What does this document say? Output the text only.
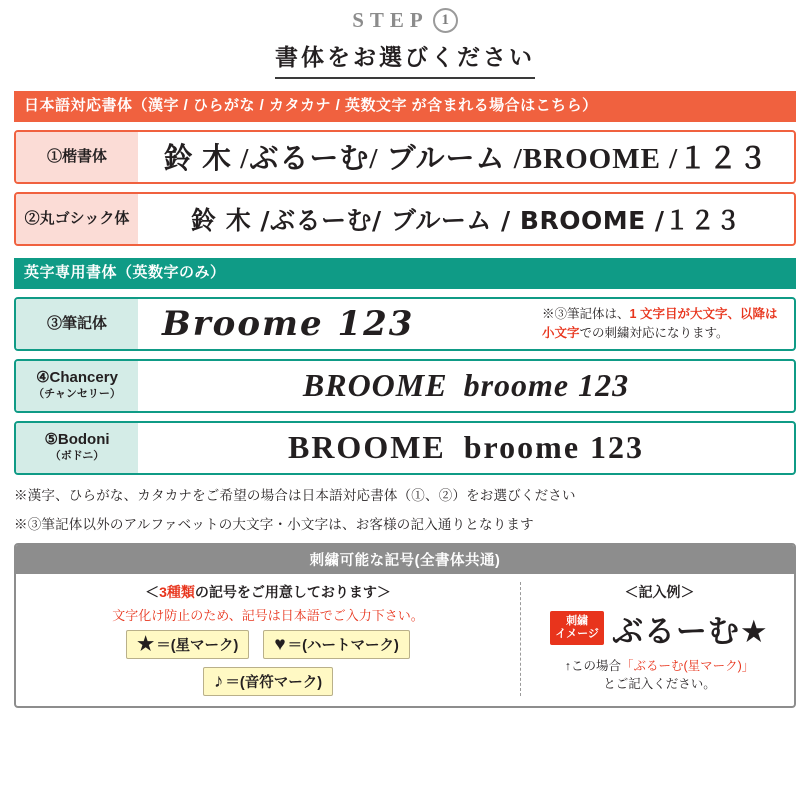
STEP 1
書体をお選びください
日本語対応書体（漢字 / ひらがな / カタカナ / 英数文字 が含まれる場合はこちら）
①楷書体 鈴 木 /ぶるーむ/ ブルーム /BROOME /１２３
②丸ゴシック体 鈴 木 /ぶるーむ/ ブルーム / BROOME /１２３
英字専用書体（英数字のみ）
③筆記体 Broome 123	※③筆記体は、1 文字目が大文字、以降は小文字での刺繍対応になります。
④Chancery
（チャンセリー）	BROOME broome 123
⑤Bodoni
（ボドニ）	BROOME broome 123
※漢字、ひらがな、カタカナをご希望の場合は日本語対応書体（①、②）をお選びください
※③筆記体以外のアルファベットの大文字・小文字は、お客様の記入通りとなります
刺繍可能な記号(全書体共通)
＜3種類の記号をご用意しております＞
文字化け防止のため、記号は日本語でご入力下さい。
★ ＝(星マーク) ♥ ＝(ハートマーク)
♪ ＝(音符マーク)
＜記入例＞
刺繍
イメージ ぶるーむ★
↑この場合「ぶるーむ(星マーク)」
とご記入ください。
